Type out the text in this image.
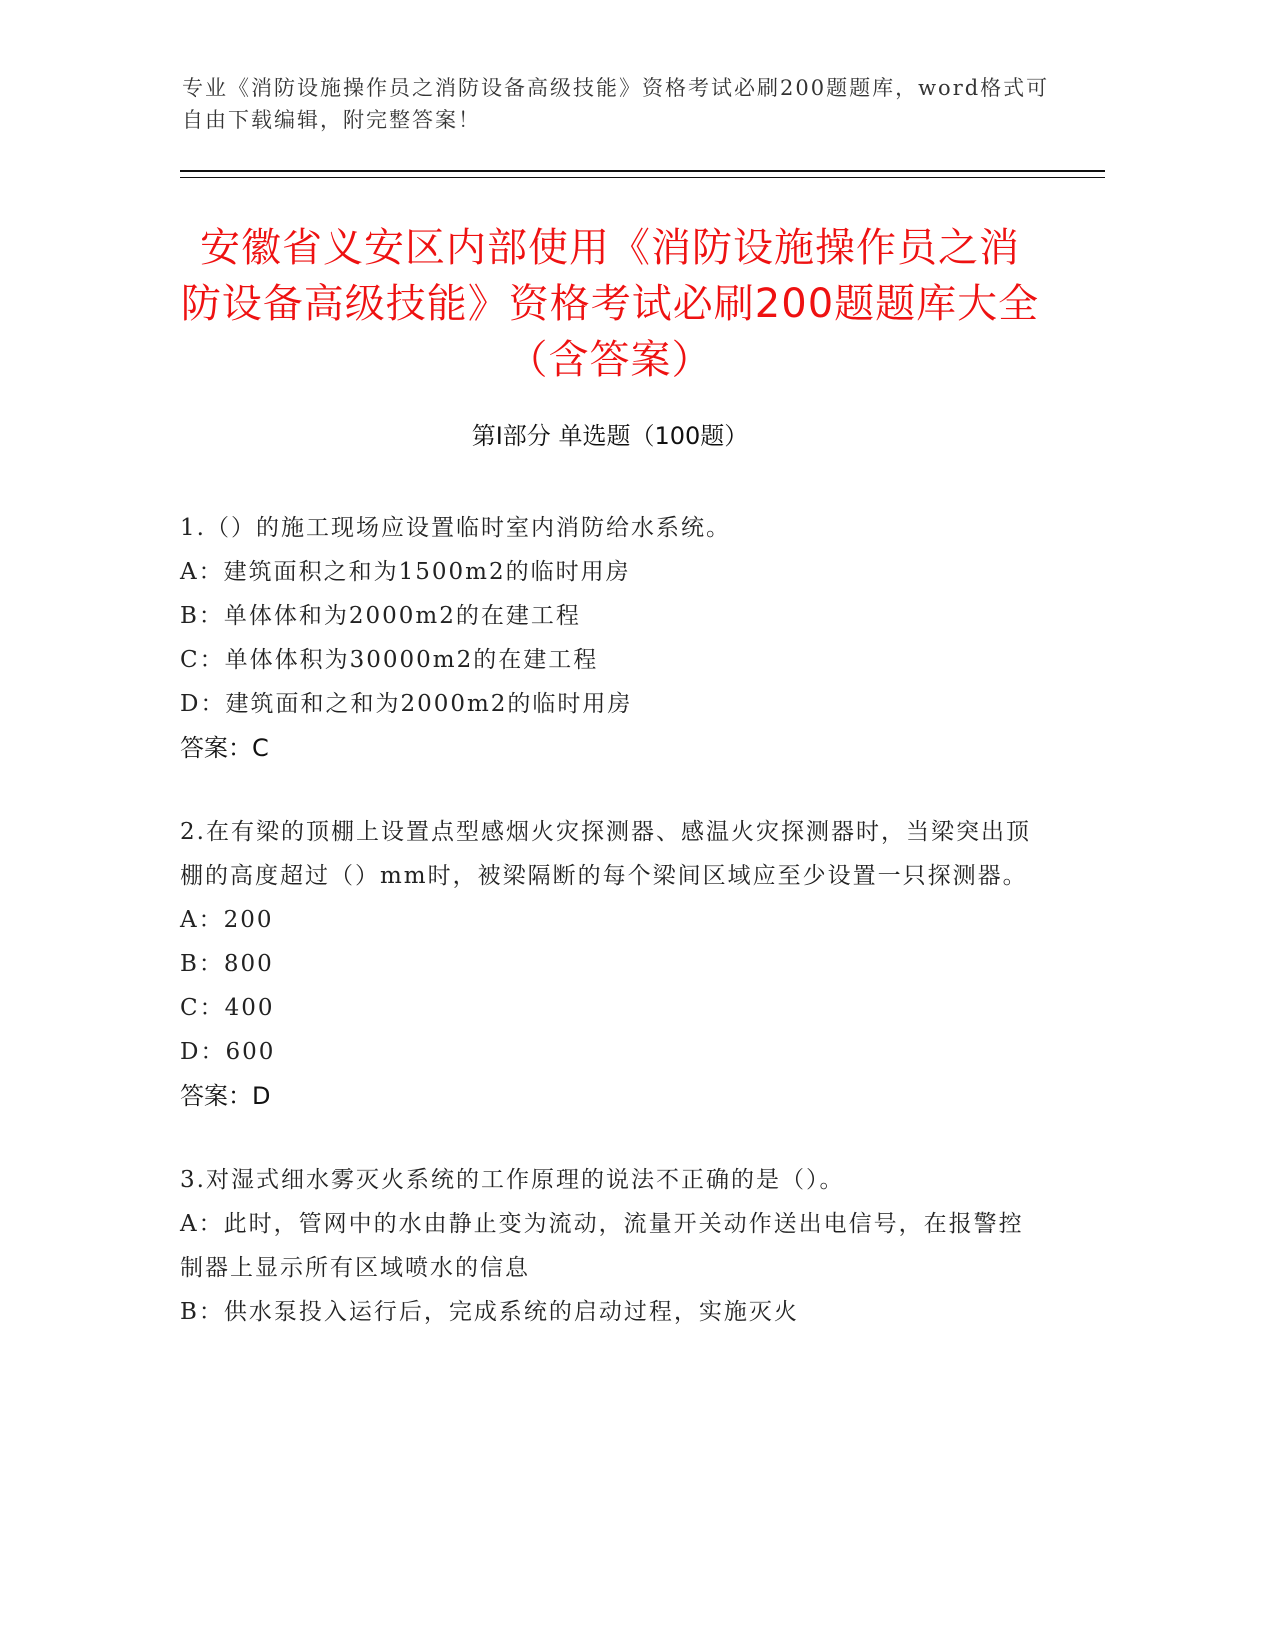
专业《消防设施操作员之消防设备高级技能》资格考试必刷200题题库，word格式可自由下载编辑，附完整答案！
安徽省义安区内部使用《消防设施操作员之消防设备高级技能》资格考试必刷200题题库大全（含答案）
第Ⅰ部分 单选题（100题）

1.（）的施工现场应设置临时室内消防给水系统。

A：建筑面积之和为1500m2的临时用房

B：单体体和为2000m2的在建工程

C：单体体积为30000m2的在建工程

D：建筑面和之和为2000m2的临时用房

答案：C

2.在有梁的顶棚上设置点型感烟火灾探测器、感温火灾探测器时，当梁突出顶棚的高度超过（）mm时，被梁隔断的每个梁间区域应至少设置一只探测器。

A：200

B：800

C：400

D：600

答案：D

3.对湿式细水雾灭火系统的工作原理的说法不正确的是（）。

A：此时，管网中的水由静止变为流动，流量开关动作送出电信号，在报警控制器上显示所有区域喷水的信息

B：供水泵投入运行后，完成系统的启动过程，实施灭火
